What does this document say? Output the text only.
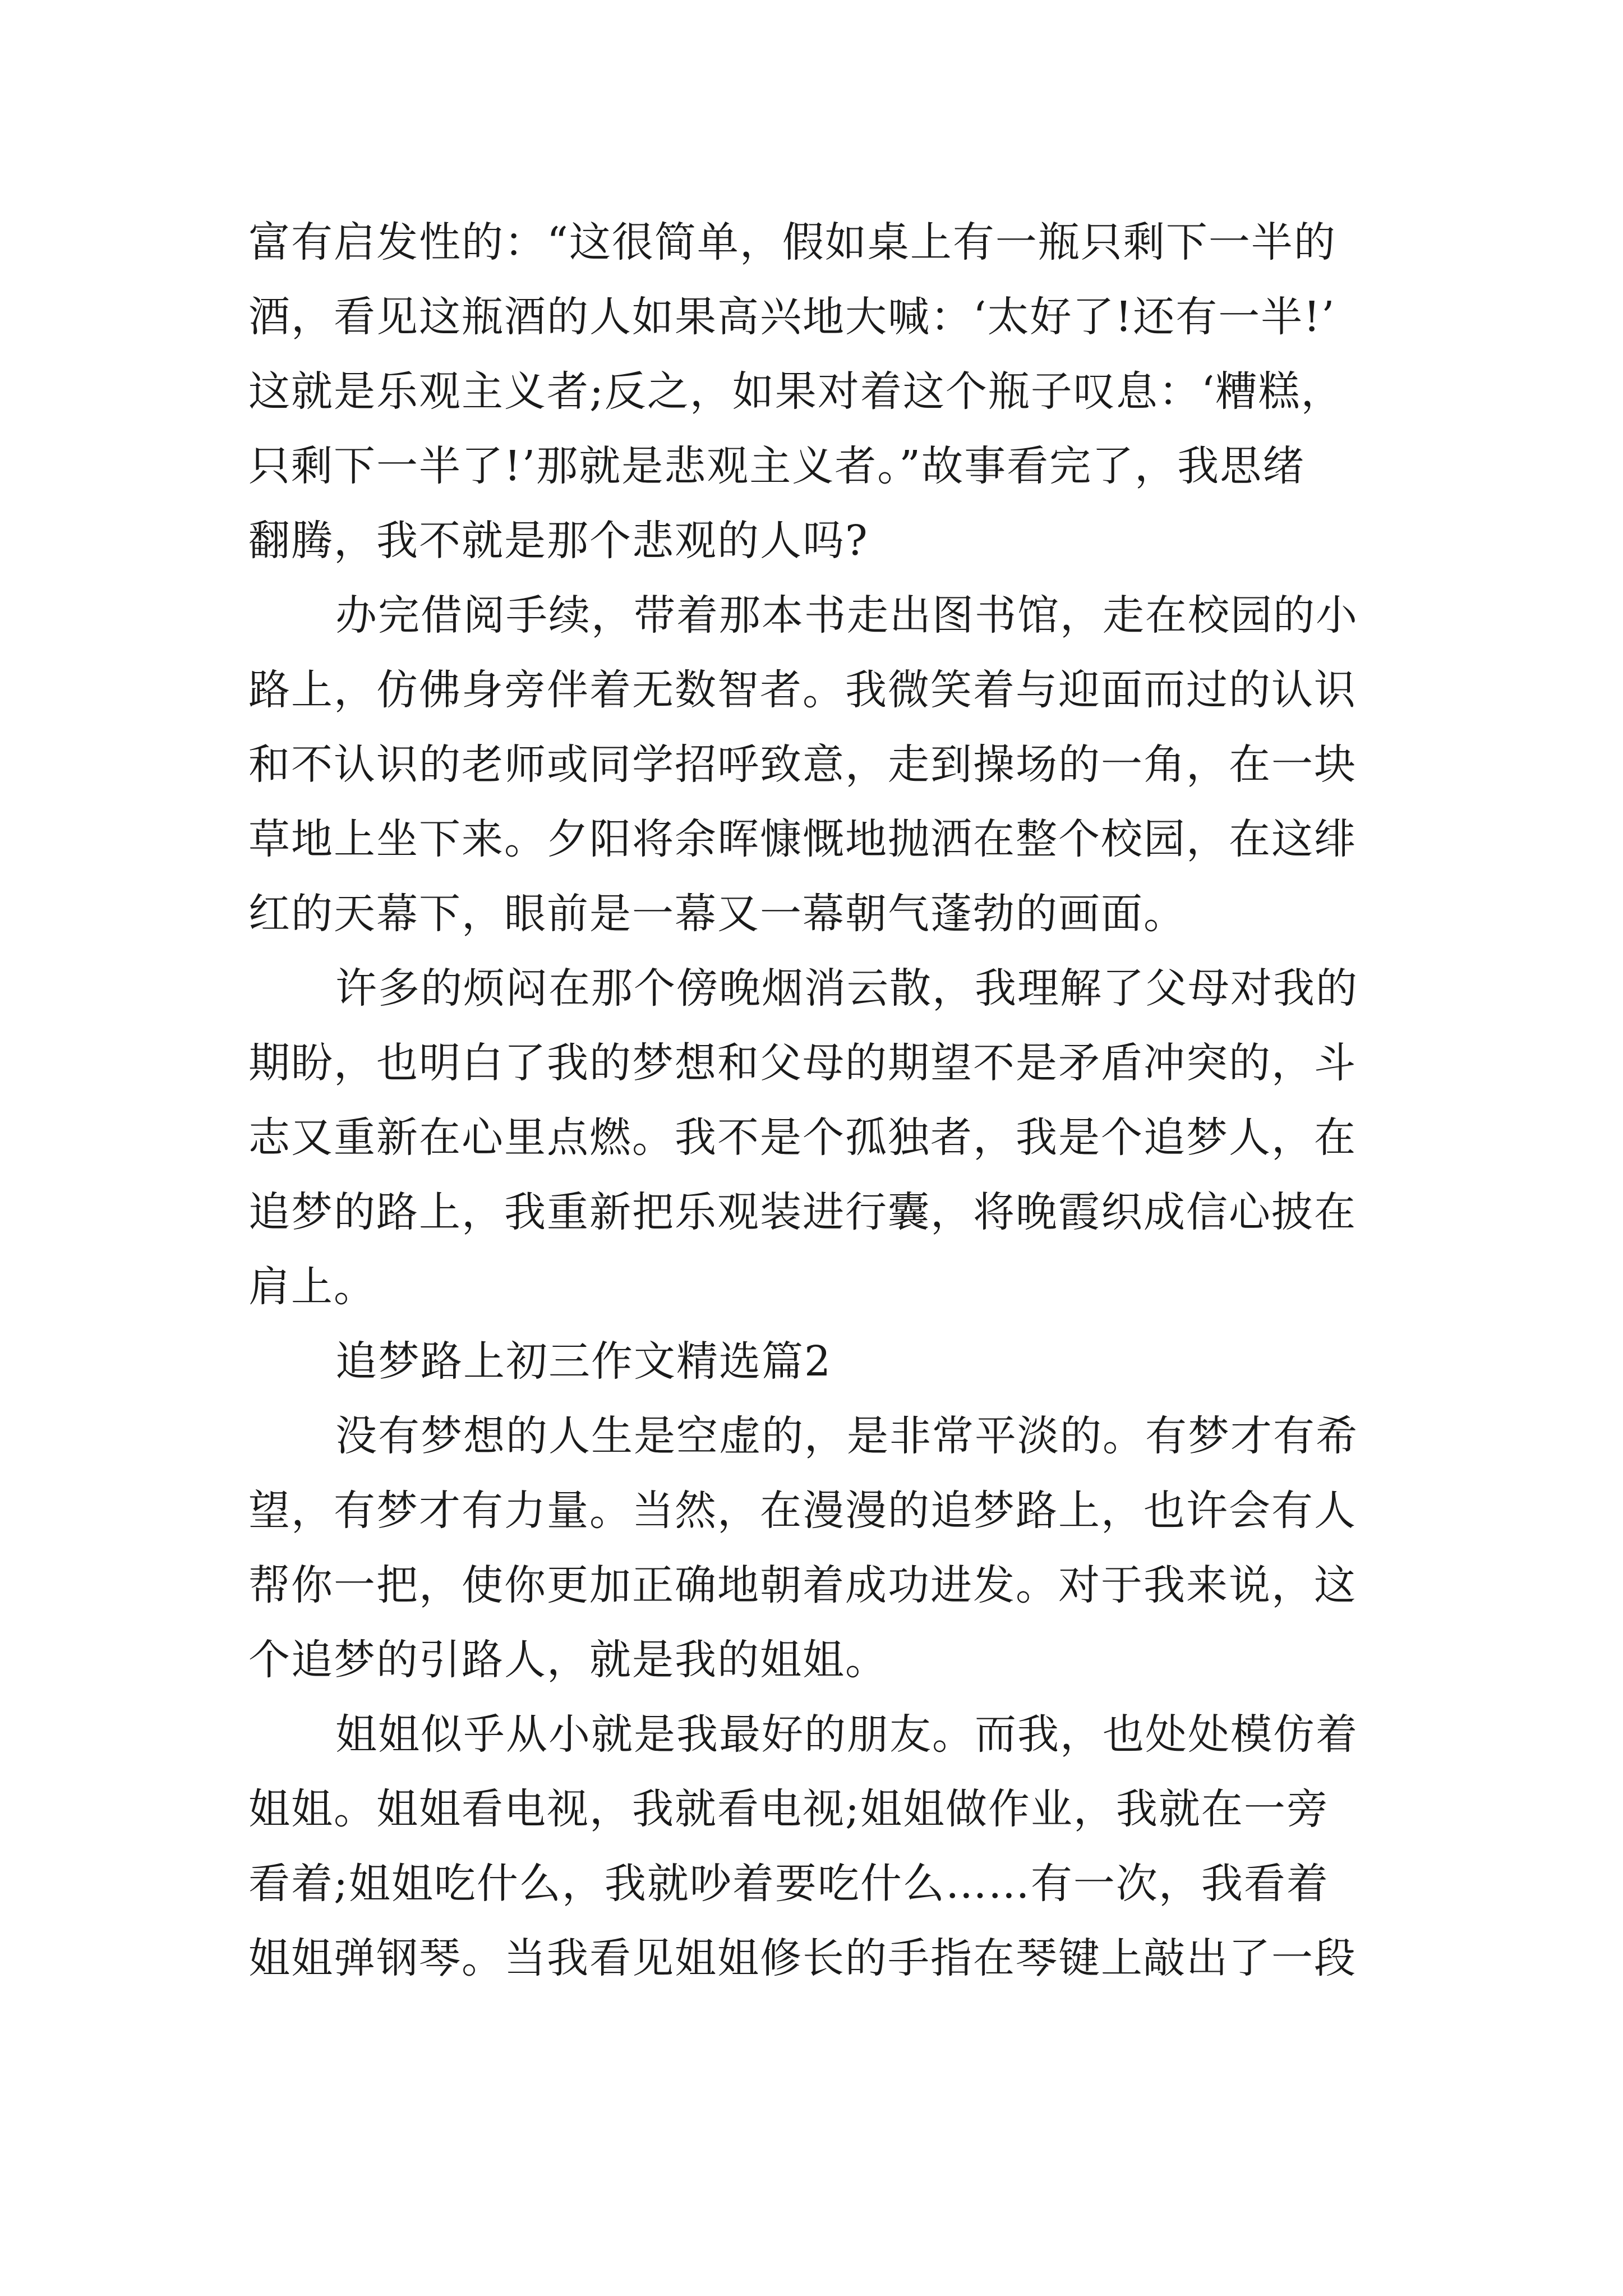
富有启发性的：“这很简单，假如桌上有一瓶只剩下一半的
酒，看见这瓶酒的人如果高兴地大喊：‘太好了!还有一半!’
这就是乐观主义者;反之，如果对着这个瓶子叹息：‘糟糕，
只剩下一半了!’那就是悲观主义者。”故事看完了，我思绪
翻腾，我不就是那个悲观的人吗?
办完借阅手续，带着那本书走出图书馆，走在校园的小
路上，仿佛身旁伴着无数智者。我微笑着与迎面而过的认识
和不认识的老师或同学招呼致意，走到操场的一角，在一块
草地上坐下来。夕阳将余晖慷慨地抛洒在整个校园，在这绯
红的天幕下，眼前是一幕又一幕朝气蓬勃的画面。
许多的烦闷在那个傍晚烟消云散，我理解了父母对我的
期盼，也明白了我的梦想和父母的期望不是矛盾冲突的，斗
志又重新在心里点燃。我不是个孤独者，我是个追梦人，在
追梦的路上，我重新把乐观装进行囊，将晚霞织成信心披在
肩上。
追梦路上初三作文精选篇2
没有梦想的人生是空虚的，是非常平淡的。有梦才有希
望，有梦才有力量。当然，在漫漫的追梦路上，也许会有人
帮你一把，使你更加正确地朝着成功进发。对于我来说，这
个追梦的引路人，就是我的姐姐。
姐姐似乎从小就是我最好的朋友。而我，也处处模仿着
姐姐。姐姐看电视，我就看电视;姐姐做作业，我就在一旁
看着;姐姐吃什么，我就吵着要吃什么……有一次，我看着
姐姐弹钢琴。当我看见姐姐修长的手指在琴键上敲出了一段
